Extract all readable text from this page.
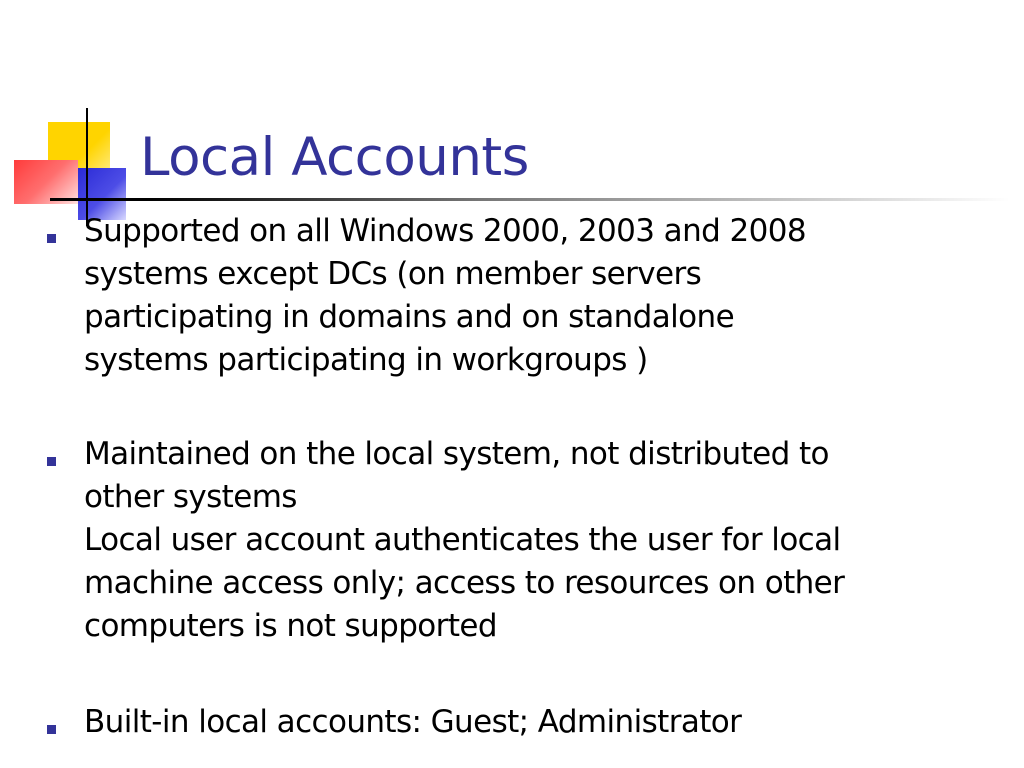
Local Accounts

Supported on all Windows 2000, 2003 and 2008
systems except DCs (on member servers
participating in domains and on standalone
systems participating in workgroups )

Maintained on the local system, not distributed to
other systems
Local user account authenticates the user for local
machine access only; access to resources on other
computers is not supported

Built-in local accounts: Guest; Administrator
